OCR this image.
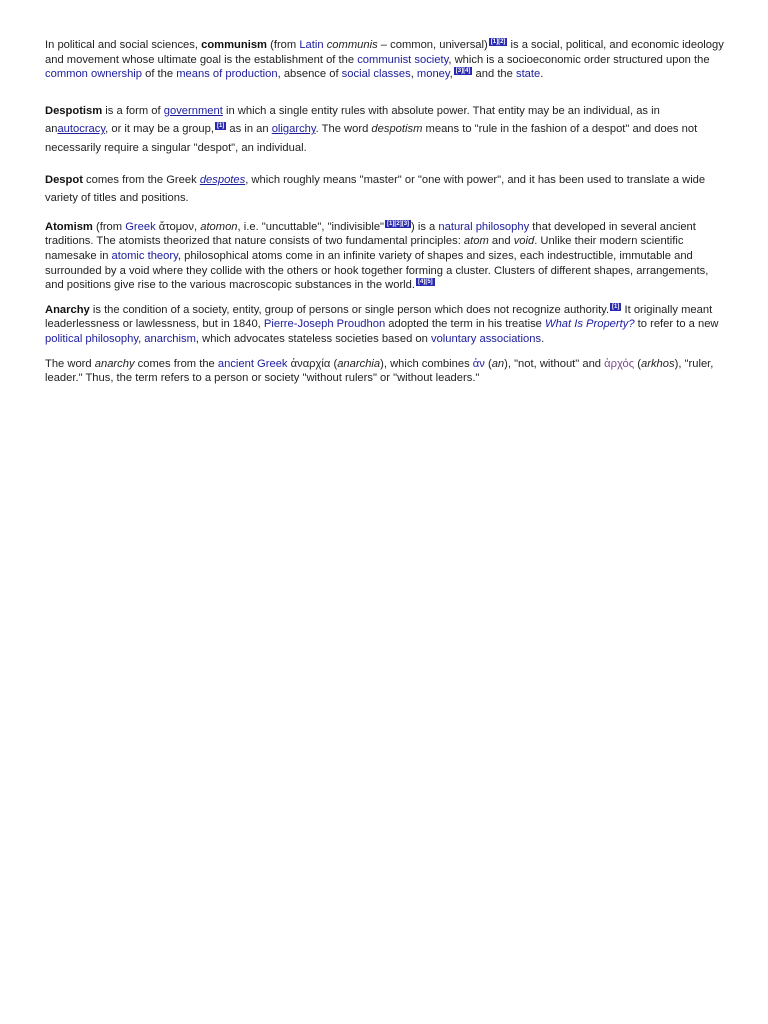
In political and social sciences, communism (from Latin communis – common, universal) [1][2] is a social, political, and economic ideology and movement whose ultimate goal is the establishment of the communist society, which is a socioeconomic order structured upon the common ownership of the means of production, absence of social classes, money, [3][4] and the state.

Despotism is a form of government in which a single entity rules with absolute power. That entity may be an individual, as in anautocracy, or it may be a group, [1] as in an oligarchy. The word despotism means to "rule in the fashion of a despot" and does not necessarily require a singular "despot", an individual.

Despot comes from the Greek despotes, which roughly means "master" or "one with power", and it has been used to translate a wide variety of titles and positions.

Atomism (from Greek ἄτομον, atomon, i.e. "uncuttable", "indivisible" [1][2][3] ) is a natural philosophy that developed in several ancient traditions. The atomists theorized that nature consists of two fundamental principles: atom and void. Unlike their modern scientific namesake in atomic theory, philosophical atoms come in an infinite variety of shapes and sizes, each indestructible, immutable and surrounded by a void where they collide with the others or hook together forming a cluster. Clusters of different shapes, arrangements, and positions give rise to the various macroscopic substances in the world. [4][5]

Anarchy is the condition of a society, entity, group of persons or single person which does not recognize authority. [1] It originally meant leaderlessness or lawlessness, but in 1840, Pierre-Joseph Proudhon adopted the term in his treatise What Is Property? to refer to a new political philosophy, anarchism, which advocates stateless societies based on voluntary associations.

The word anarchy comes from the ancient Greek ἀναρχία (anarchia), which combines ἀν (an), "not, without" and ἀρχός (arkhos), "ruler, leader." Thus, the term refers to a person or society "without rulers" or "without leaders."
